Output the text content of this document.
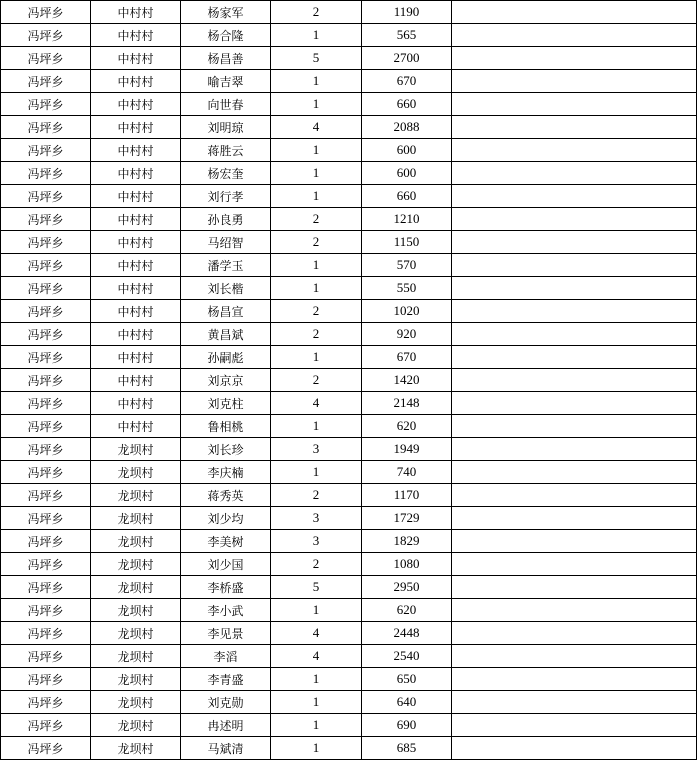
冯坪乡	中村村	杨家军	2	1190	
冯坪乡	中村村	杨合隆	1	565	
冯坪乡	中村村	杨昌善	5	2700	
冯坪乡	中村村	喻吉翠	1	670	
冯坪乡	中村村	向世春	1	660	
冯坪乡	中村村	刘明琼	4	2088	
冯坪乡	中村村	蒋胜云	1	600	
冯坪乡	中村村	杨宏奎	1	600	
冯坪乡	中村村	刘行孝	1	660	
冯坪乡	中村村	孙良勇	2	1210	
冯坪乡	中村村	马绍智	2	1150	
冯坪乡	中村村	潘学玉	1	570	
冯坪乡	中村村	刘长楷	1	550	
冯坪乡	中村村	杨昌宣	2	1020	
冯坪乡	中村村	黄昌斌	2	920	
冯坪乡	中村村	孙嗣彪	1	670	
冯坪乡	中村村	刘京京	2	1420	
冯坪乡	中村村	刘克柱	4	2148	
冯坪乡	中村村	鲁相桃	1	620	
冯坪乡	龙坝村	刘长珍	3	1949	
冯坪乡	龙坝村	李庆楠	1	740	
冯坪乡	龙坝村	蒋秀英	2	1170	
冯坪乡	龙坝村	刘少均	3	1729	
冯坪乡	龙坝村	李美树	3	1829	
冯坪乡	龙坝村	刘少国	2	1080	
冯坪乡	龙坝村	李桥盛	5	2950	
冯坪乡	龙坝村	李小武	1	620	
冯坪乡	龙坝村	李见景	4	2448	
冯坪乡	龙坝村	李滔	4	2540	
冯坪乡	龙坝村	李青盛	1	650	
冯坪乡	龙坝村	刘克勋	1	640	
冯坪乡	龙坝村	冉述明	1	690	
冯坪乡	龙坝村	马斌清	1	685	
